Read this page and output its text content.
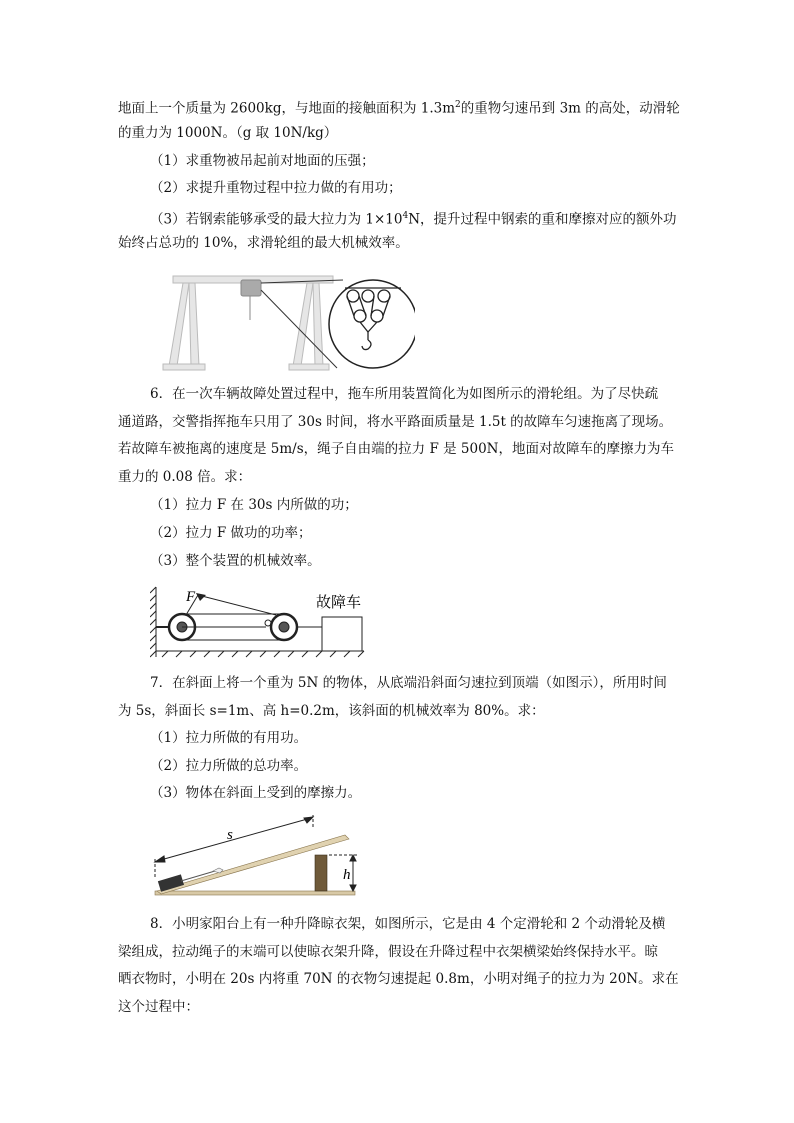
地面上一个质量为 2600kg，与地面的接触面积为 $1.3m^2$的重物匀速吊到 3m 的高处，动滑轮
的重力为 1000N。（g 取 10N/kg）
（1）求重物被吊起前对地面的压强；
（2）求提升重物过程中拉力做的有用功；
（3）若钢索能够承受的最大拉力为 $1\times 10^4N$，提升过程中钢索的重和摩擦对应的额外功
始终占总功的 10%，求滑轮组的最大机械效率。
6．在一次车辆故障处置过程中，拖车所用装置简化为如图所示的滑轮组。为了尽快疏
通道路，交警指挥拖车只用了 30s 时间，将水平路面质量是 1.5t 的故障车匀速拖离了现场。
若故障车被拖离的速度是 5m/s，绳子自由端的拉力 F 是 500N，地面对故障车的摩擦力为车
重力的 0.08 倍。求：
（1）拉力 F 在 30s 内所做的功；
（2）拉力 F 做功的功率；
（3）整个装置的机械效率。
F	故障车
7．在斜面上将一个重为 5N 的物体，从底端沿斜面匀速拉到顶端（如图示），所用时间
为 5s，斜面长 s=1m、高 h=0.2m，该斜面的机械效率为 80%。求：
（1）拉力所做的有用功。
（2）拉力所做的总功率。
（3）物体在斜面上受到的摩擦力。
s
h
8．小明家阳台上有一种升降晾衣架，如图所示，它是由 4 个定滑轮和 2 个动滑轮及横
梁组成，拉动绳子的末端可以使晾衣架升降，假设在升降过程中衣架横梁始终保持水平。晾
晒衣物时，小明在 20s 内将重 70N 的衣物匀速提起 0.8m，小明对绳子的拉力为 20N。求在
这个过程中：
